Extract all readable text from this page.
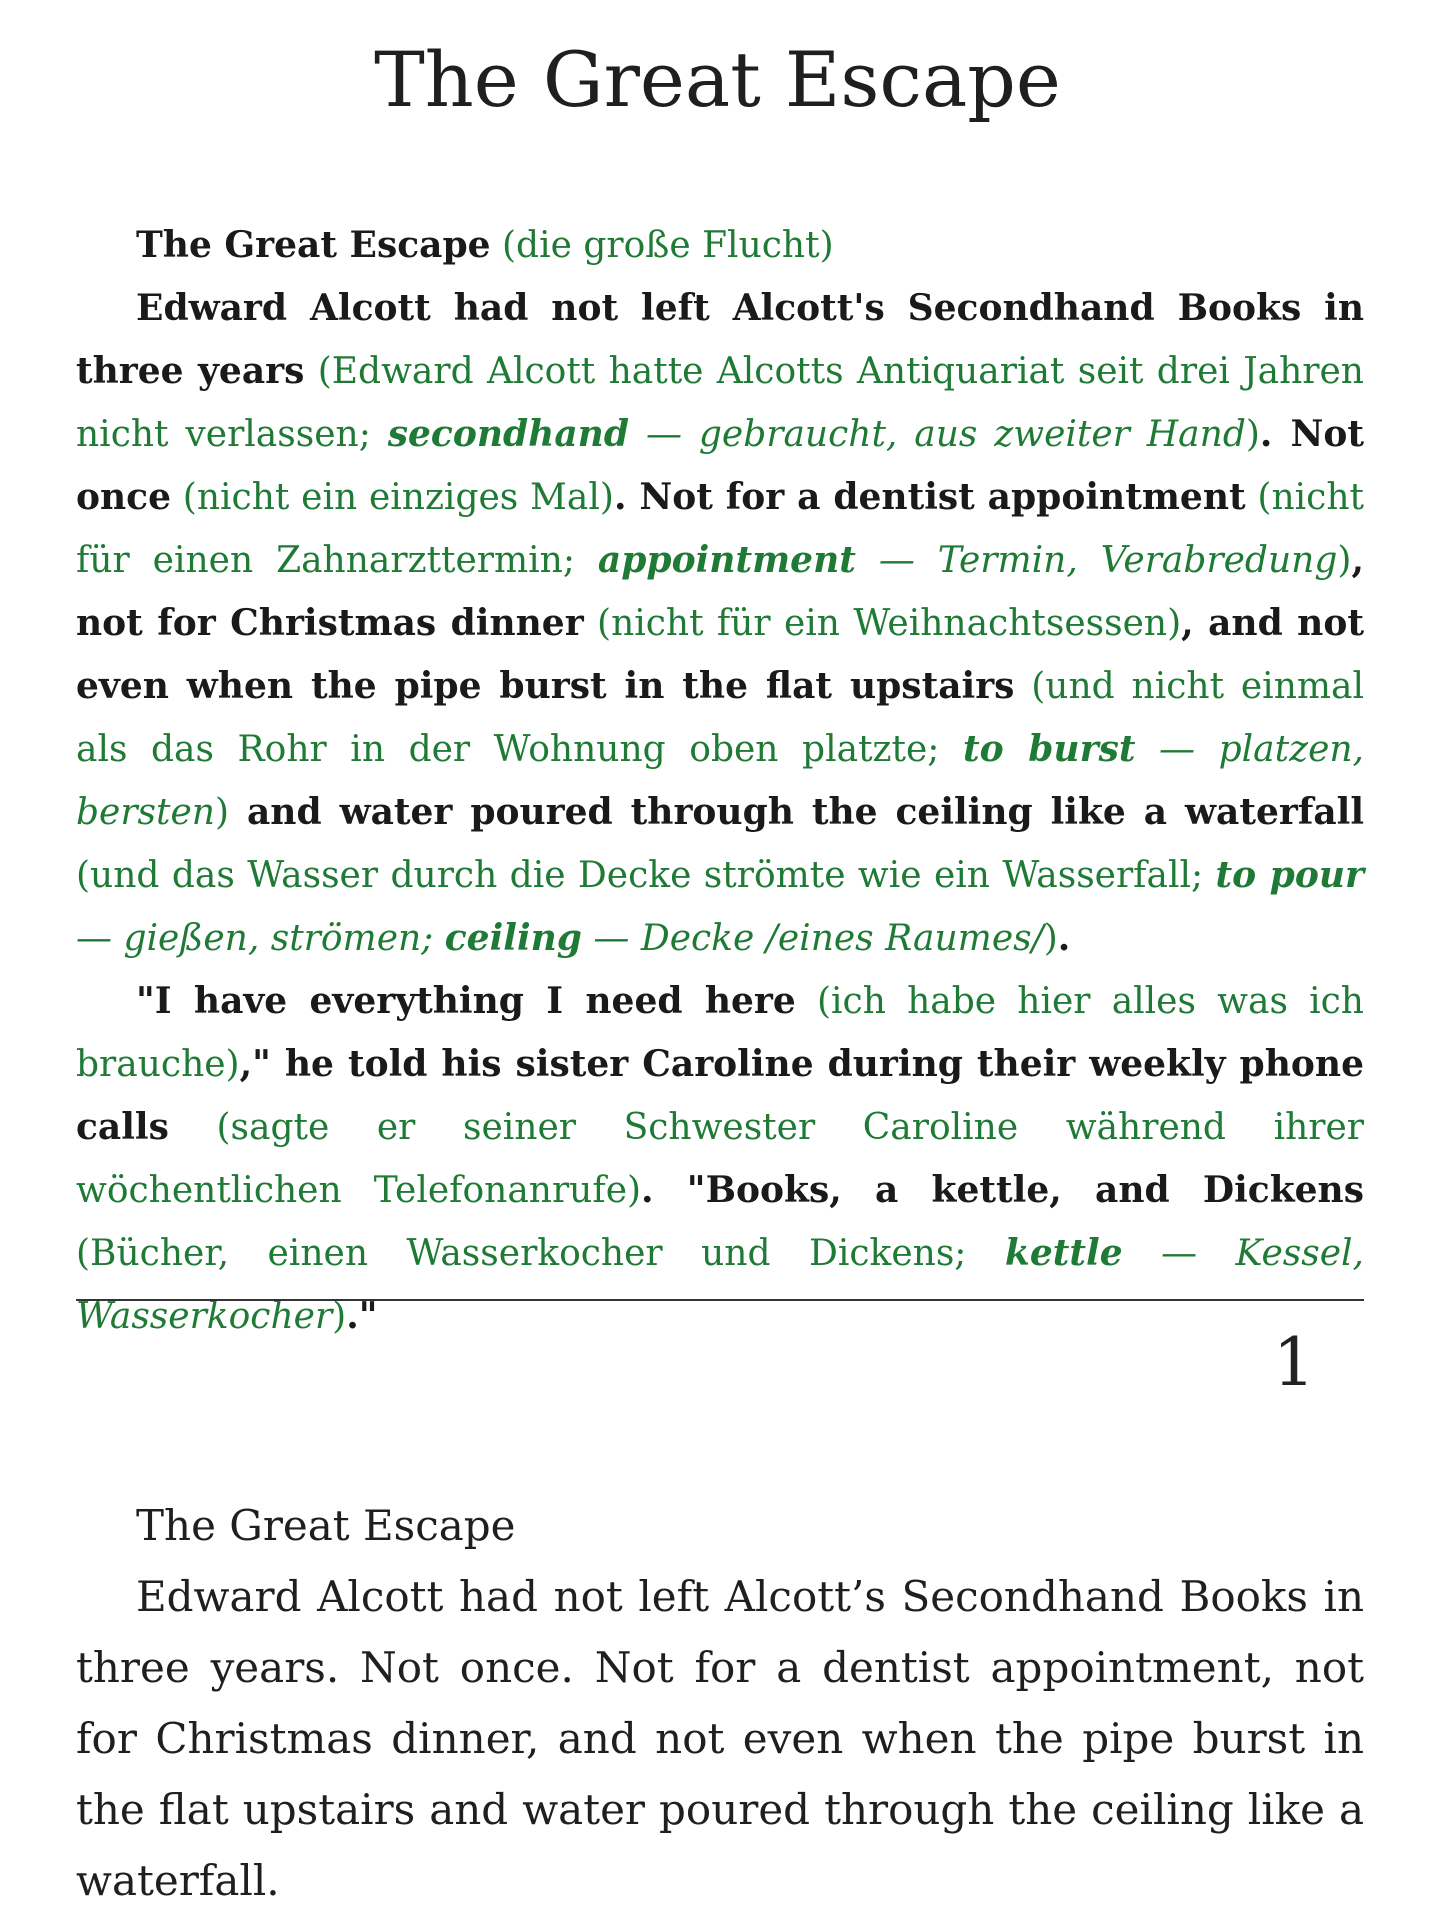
The Great Escape

The Great Escape (die große Flucht)

Edward Alcott had not left Alcott's Secondhand Books in three years (Edward Alcott hatte Alcotts Antiquariat seit drei Jahren nicht verlassen; secondhand — gebraucht, aus zweiter Hand). Not once (nicht ein einziges Mal). Not for a dentist appointment (nicht für einen Zahnarzttermin; appointment — Termin, Verabredung), not for Christmas dinner (nicht für ein Weihnachtsessen), and not even when the pipe burst in the flat upstairs (und nicht einmal als das Rohr in der Wohnung oben platzte; to burst — platzen, bersten) and water poured through the ceiling like a waterfall (und das Wasser durch die Decke strömte wie ein Wasserfall; to pour — gießen, strömen; ceiling — Decke /eines Raumes/).

"I have everything I need here (ich habe hier alles was ich brauche)," he told his sister Caroline during their weekly phone calls (sagte er seiner Schwester Caroline während ihrer wöchentlichen Telefonanrufe). "Books, a kettle, and Dickens (Bücher, einen Wasserkocher und Dickens; kettle — Kessel, Wasserkocher)."

1

The Great Escape

Edward Alcott had not left Alcott’s Secondhand Books in three years. Not once. Not for a dentist appointment, not for Christmas dinner, and not even when the pipe burst in the flat upstairs and water poured through the ceiling like a waterfall.
